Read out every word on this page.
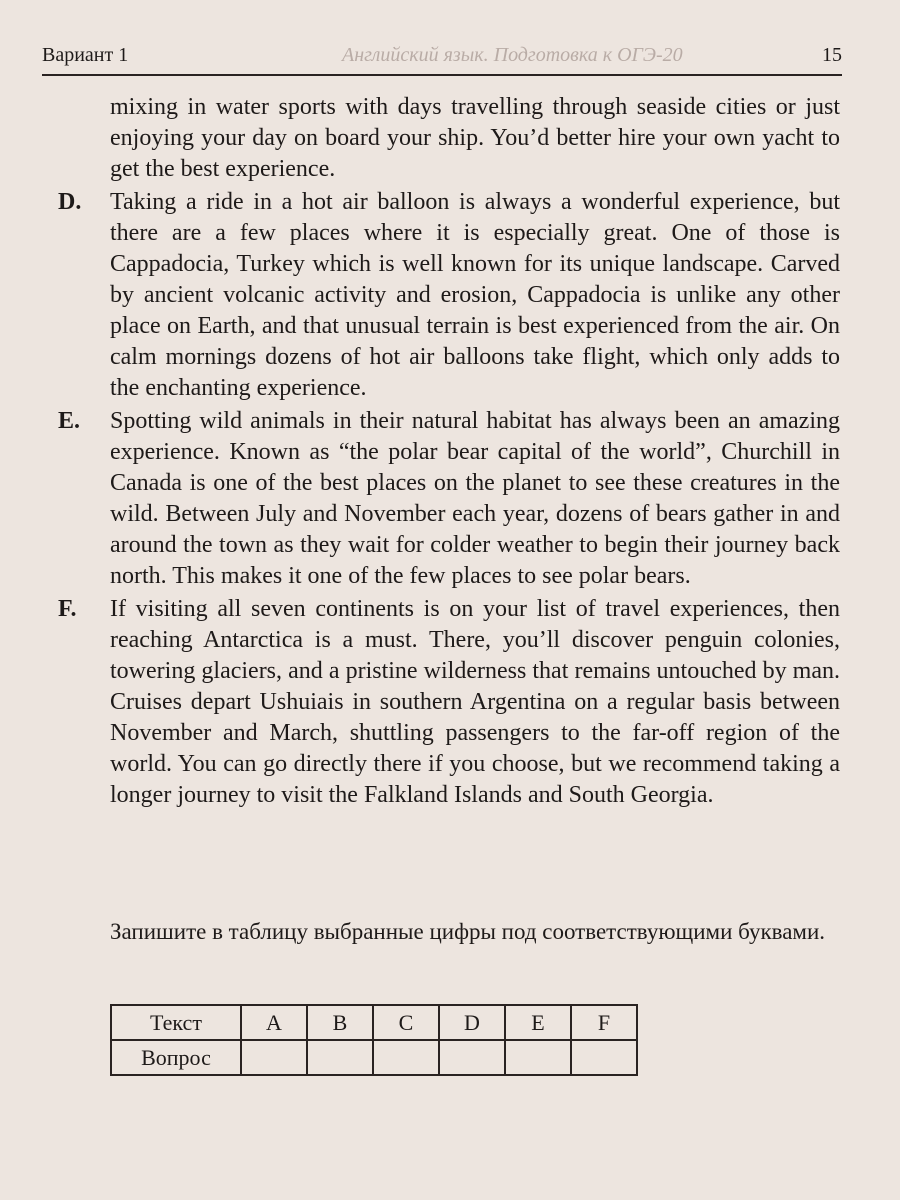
Вариант 1	Английский язык. Подготовка к ОГЭ-20	15
mixing in water sports with days travelling through seaside cities or just enjoying your day on board your ship. You’d better hire your own yacht to get the best experience.
D. Taking a ride in a hot air balloon is always a wonderful experience, but there are a few places where it is especially great. One of those is Cappadocia, Turkey which is well known for its unique landscape. Carved by ancient volcanic activity and erosion, Cappadocia is unlike any other place on Earth, and that unusual terrain is best experienced from the air. On calm mornings dozens of hot air balloons take flight, which only adds to the enchanting experience.
E. Spotting wild animals in their natural habitat has always been an amazing experience. Known as “the polar bear capital of the world”, Churchill in Canada is one of the best places on the planet to see these creatures in the wild. Between July and November each year, dozens of bears gather in and around the town as they wait for colder weather to begin their journey back north. This makes it one of the few places to see polar bears.
F. If visiting all seven continents is on your list of travel experiences, then reaching Antarctica is a must. There, you’ll discover penguin colonies, towering glaciers, and a pristine wilderness that remains untouched by man. Cruises depart Ushuiais in southern Argentina on a regular basis between November and March, shuttling passengers to the far-off region of the world. You can go directly there if you choose, but we recommend taking a longer journey to visit the Falkland Islands and South Georgia.
Запишите в таблицу выбранные цифры под соответствующими буквами.
Текст	A	B	C	D	E	F
Вопрос						
